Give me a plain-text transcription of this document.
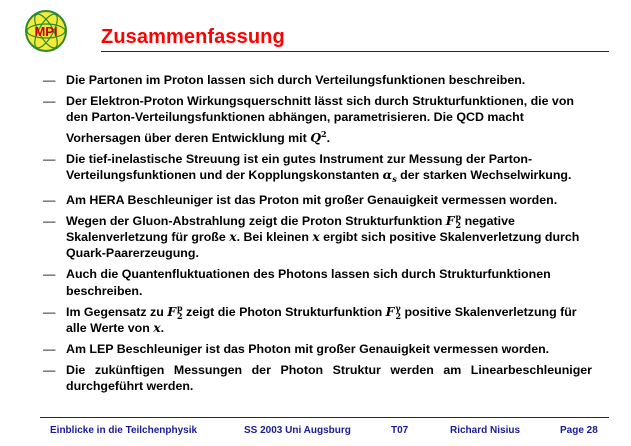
MPI Zusammenfassung
— Die Partonen im Proton lassen sich durch Verteilungsfunktionen beschreiben.
— Der Elektron-Proton Wirkungsquerschnitt lässt sich durch Strukturfunktionen, die von den Parton-Verteilungsfunktionen abhängen, parametrisieren. Die QCD macht Vorhersagen über deren Entwicklung mit $Q^2$.
— Die tief-inelastische Streuung ist ein gutes Instrument zur Messung der Parton-Verteilungsfunktionen und der Kopplungskonstanten $\alpha_s$ der starken Wechselwirkung.
— Am HERA Beschleuniger ist das Proton mit großer Genauigkeit vermessen worden.
— Wegen der Gluon-Abstrahlung zeigt die Proton Strukturfunktion F p
2 negative Skalenverletzung für große x. Bei kleinen x ergibt sich positive Skalenverletzung durch Quark-Paarerzeugung.
— Auch die Quantenfluktuationen des Photons lassen sich durch Strukturfunktionen beschreiben.
— Im Gegensatz zu F p
2 zeigt die Photon Strukturfunktion F γ
2 positive Skalenverletzung für alle Werte von x.
— Am LEP Beschleuniger ist das Photon mit großer Genauigkeit vermessen worden.
— Die zukünftigen Messungen der Photon Struktur werden am Linearbeschleuniger durchgeführt werden.
Einblicke in die Teilchenphysik	SS 2003 Uni Augsburg	T07	Richard Nisius	Page 28
